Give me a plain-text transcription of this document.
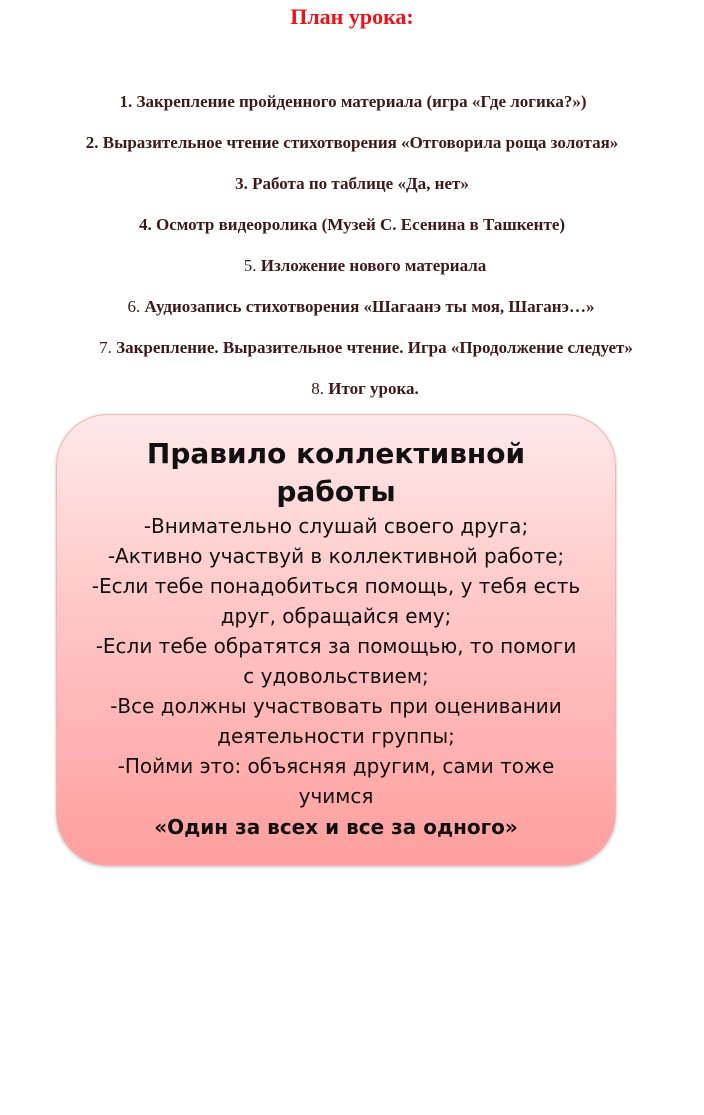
План урока:
1. Закрепление пройденного материала (игра «Где логика?»)
2. Выразительное чтение стихотворения «Отговорила роща золотая»
3. Работа по таблице «Да, нет»
4. Осмотр видеоролика (Музей С. Есенина в Ташкенте)
5. Изложение нового материала
6. Аудиозапись стихотворения «Шагаанэ ты моя, Шаганэ…»
7. Закрепление. Выразительное чтение. Игра «Продолжение следует»
8. Итог урока.
Правило коллективной работы
-Внимательно слушай своего друга;
-Активно участвуй в коллективной работе;
-Если тебе понадобиться помощь, у тебя есть друг, обращайся ему;
-Если тебе обратятся за помощью, то помоги с удовольствием;
-Все должны участвовать при оценивании деятельности группы;
-Пойми это: объясняя другим, сами тоже учимся
«Один за всех и все за одного»
